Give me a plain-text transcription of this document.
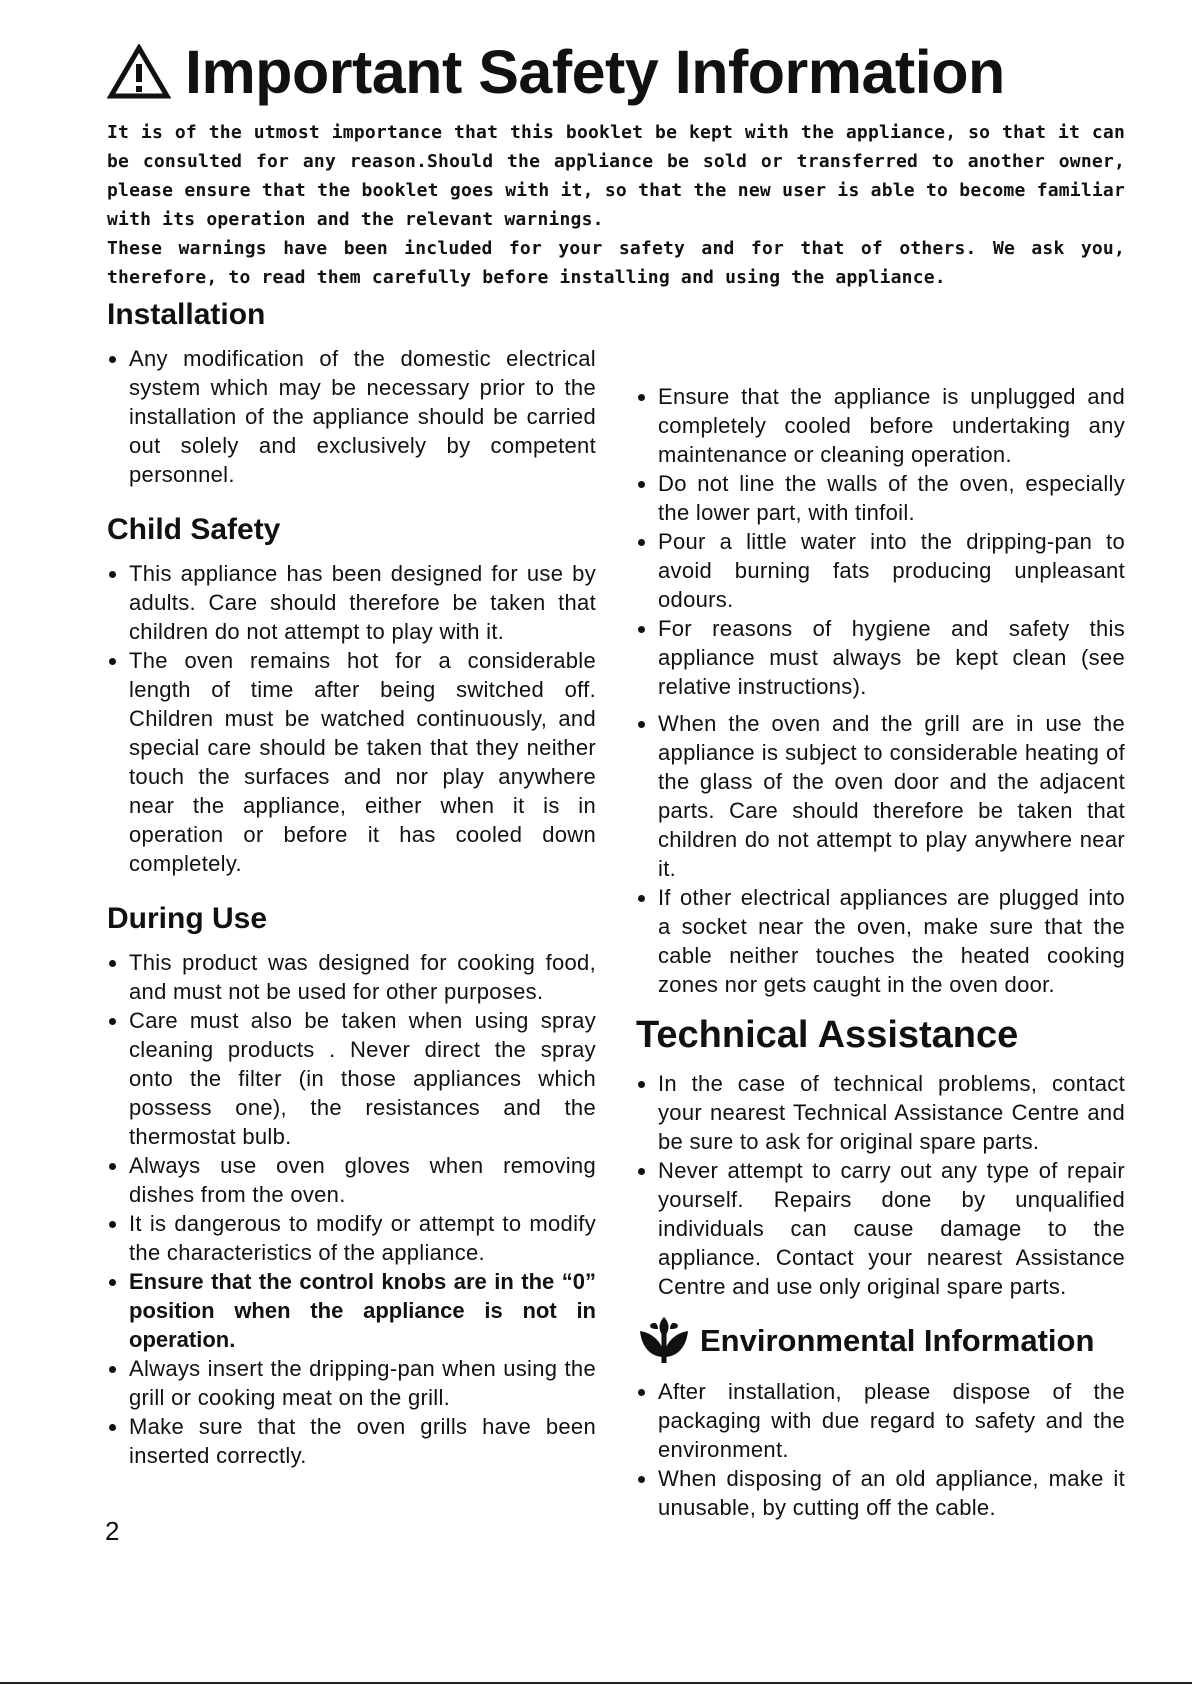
Important Safety Information

It is of the utmost importance that this booklet be kept with the appliance, so that it can be consulted for any reason.Should the appliance be sold or transferred to another owner, please ensure that the booklet goes with it, so that the new user is able to become familiar with its operation and the relevant warnings.

These warnings have been included for your safety and for that of others. We ask you, therefore, to read them carefully before installing and using the appliance.

Installation
Any modification of the domestic electrical system which may be necessary prior to the installation of the appliance should be carried out solely and exclusively by competent personnel.
Child Safety
This appliance has been designed for use by adults. Care should therefore be taken that children do not attempt to play with it.
The oven remains hot for a considerable length of time after being switched off. Children must be watched continuously, and special care should be taken that they neither touch the surfaces and nor play anywhere near the appliance, either when it is in operation or before it has cooled down completely.
During Use
This product was designed for cooking food, and must not be used for other purposes.
Care must also be taken when using spray cleaning products . Never direct the spray onto the filter (in those appliances which possess one), the resistances and the thermostat bulb.
Always use oven gloves when removing dishes from the oven.
It is dangerous to modify or attempt to modify the characteristics of the appliance.
Ensure that the control knobs are in the “0” position when the appliance is not in operation.
Always insert the dripping-pan when using the grill or cooking meat on the grill.
Make sure that the oven grills have been inserted correctly.
Ensure that the appliance is unplugged and completely cooled before undertaking any maintenance or cleaning operation.
Do not line the walls of the oven, especially the lower part, with tinfoil.
Pour a little water into the dripping-pan to avoid burning fats producing unpleasant odours.
For reasons of hygiene and safety this appliance must always be kept clean (see relative instructions).
When the oven and the grill are in use the appliance is subject to considerable heating of the glass of the oven door and the adjacent parts. Care should therefore be taken that children do not attempt to play anywhere near it.
If other electrical appliances are plugged into a socket near the oven, make sure that the cable neither touches the heated cooking zones nor gets caught in the oven door.
Technical Assistance
In the case of technical problems, contact your nearest Technical Assistance Centre and be sure to ask for original spare parts.
Never attempt to carry out any type of repair yourself. Repairs done by unqualified individuals can cause damage to the appliance. Contact your nearest Assistance Centre and use only original spare parts.
Environmental Information
After installation, please dispose of the packaging with due regard to safety and the environment.
When disposing of an old appliance, make it unusable, by cutting off the cable.
2
